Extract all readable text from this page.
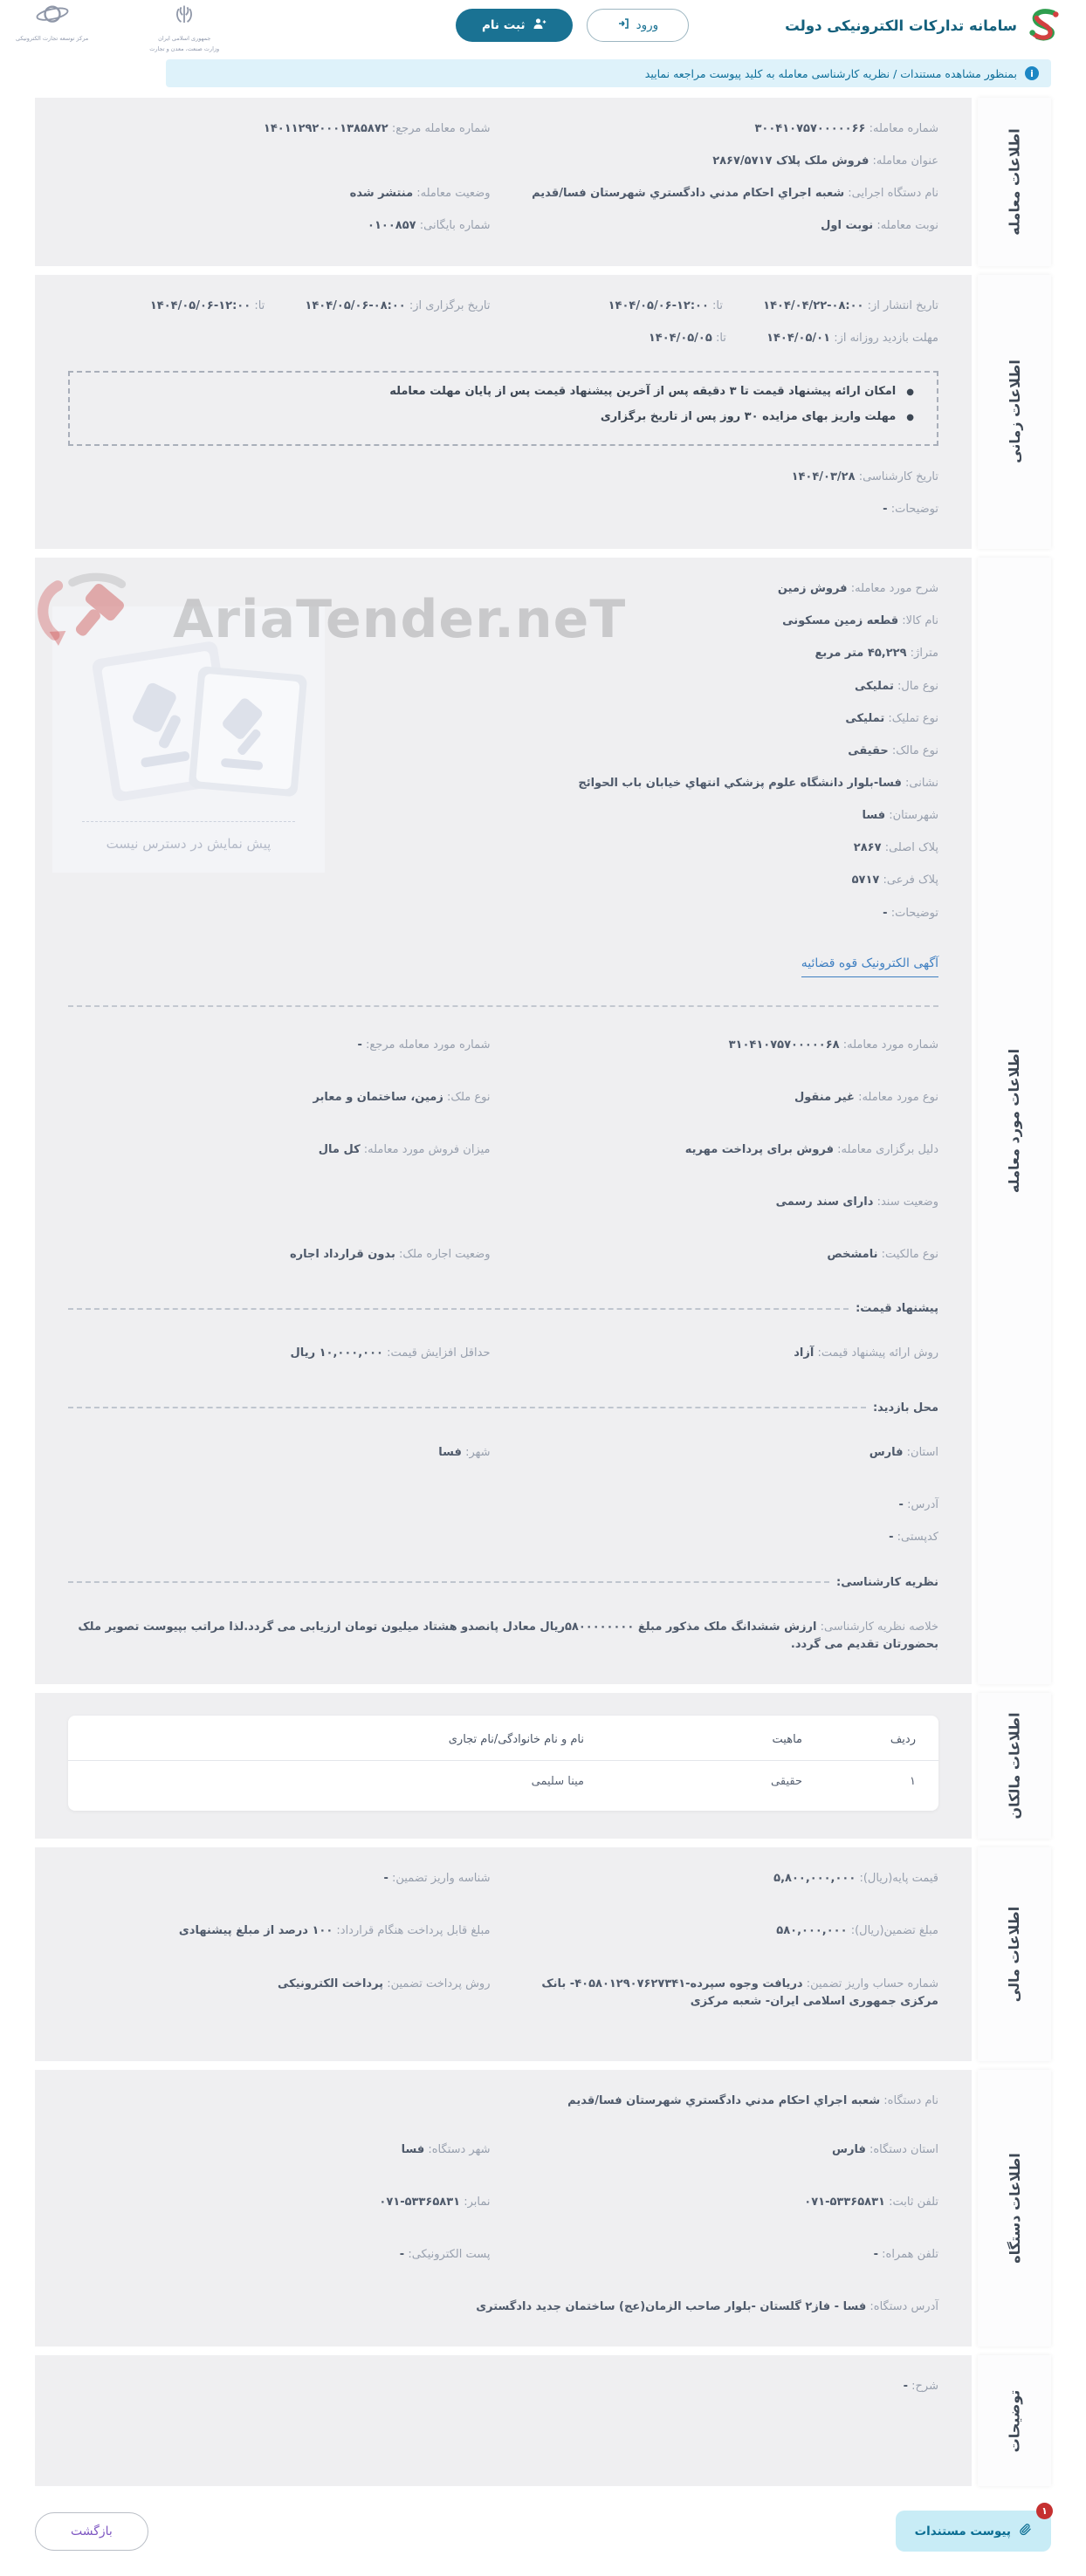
سامانه تدارکات الکترونیکی دولت
ورود
ثبت نام
جمهوری اسلامی ایران
وزارت صنعت، معدن و تجارت
مرکز توسعه تجارت الکترونیکی
i
بمنظور مشاهده مستندات / نظریه کارشناسی معامله به کلید پیوست مراجعه نمایید
اطلاعات معامله
شماره معامله: ۳۰۰۴۱۰۷۵۷۰۰۰۰۰۶۶
شماره معامله مرجع: ۱۴۰۱۱۲۹۲۰۰۰۱۳۸۵۸۷۲
عنوان معامله: فروش ملک پلاک ۲۸۶۷/۵۷۱۷
نام دستگاه اجرایی: شعبه اجراي احكام مدني دادگستري شهرستان فسا/قدیم
وضعیت معامله: منتشر شده
نوبت معامله: نوبت اول
شماره بایگانی: ۰۱۰۰۸۵۷
اطلاعات زمانی
تاریخ انتشار از: ۱۴۰۴/۰۴/۲۲-۰۸:۰۰ تا: ۱۴۰۴/۰۵/۰۶-۱۲:۰۰
تاریخ برگزاری از: ۱۴۰۴/۰۵/۰۶-۰۸:۰۰ تا: ۱۴۰۴/۰۵/۰۶-۱۲:۰۰
مهلت بازدید روزانه از: ۱۴۰۴/۰۵/۰۱ تا: ۱۴۰۴/۰۵/۰۵
●
امکان ارائه پیشنهاد قیمت تا ۳ دقیقه پس از آخرین پیشنهاد قیمت پس از پایان مهلت معامله
●
مهلت واریز بهای مزایده ۳۰ روز پس از تاریخ برگزاری
تاریخ کارشناسی: ۱۴۰۴/۰۳/۲۸
توضیحات: -
اطلاعات مورد معامله
AriaTender.neT
پیش نمایش در دسترس نیست
شرح مورد معامله: فروش زمین
نام کالا: قطعه زمین مسکونی
متراژ: ۴۵,۲۲۹ متر مربع
نوع مال: تملیکی
نوع تملیک: تملیکی
نوع مالک: حقیقی
نشانی: فسا-بلوار دانشگاه علوم پزشكي انتهاي خيابان باب الحوائج
شهرستان: فسا
پلاک اصلی: ۲۸۶۷
پلاک فرعی: ۵۷۱۷
توضیحات: -
آگهی الکترونیک قوه قضائیه
شماره مورد معامله: ۳۱۰۴۱۰۷۵۷۰۰۰۰۰۶۸
شماره مورد معامله مرجع: -
نوع مورد معامله: غیر منقول
نوع ملک: زمین، ساختمان و معابر
دلیل برگزاری معامله: فروش برای پرداخت مهریه
میزان فروش مورد معامله: کل مال
وضعیت سند: دارای سند رسمی
نوع مالکیت: نامشخص
وضعیت اجاره ملک: بدون قرارداد اجاره
پیشنهاد قیمت:
روش ارائه پیشنهاد قیمت: آزاد
حداقل افزایش قیمت: ۱۰,۰۰۰,۰۰۰ ریال
محل بازدید:
استان: فارس
شهر: فسا
آدرس: -
کدپستی: -
نظریه کارشناسی:
خلاصه نظریه کارشناسی: ارزش ششدانگ ملک مذکور مبلغ ۵۸۰۰۰۰۰۰۰۰ریال معادل پانصدو هشتاد میلیون تومان ارزیابی می گردد.لذا مراتب بپیوست تصویر ملک بحضورتان تقدیم می گردد.
اطلاعات مالکان
ردیف
ماهیت
نام و نام خانوادگی/نام تجاری
۱
حقیقی
مینا سلیمی
اطلاعات مالی
قیمت پایه(ریال): ۵,۸۰۰,۰۰۰,۰۰۰
شناسه واریز تضمین: -
مبلغ تضمین(ریال): ۵۸۰,۰۰۰,۰۰۰
مبلغ قابل پرداخت هنگام قرارداد: ۱۰۰ درصد از مبلغ پیشنهادی
شماره حساب واریز تضمین: دریافت وجوه سپرده-۴۰۵۸۰۱۲۹۰۷۶۲۷۳۴۱- بانک مرکزی جمهوری اسلامی ایران- شعبه مرکزی
روش پرداخت تضمین: پرداخت الکترونیکی
اطلاعات دستگاه
نام دستگاه: شعبه اجراي احكام مدني دادگستري شهرستان فسا/قدیم
استان دستگاه: فارس
شهر دستگاه: فسا
تلفن ثابت: ۰۷۱-۵۳۳۶۵۸۳۱
نمابر: ۰۷۱-۵۳۳۶۵۸۳۱
تلفن همراه: -
پست الکترونیکی: -
آدرس دستگاه: فسا - فاز۲ گلستان -بلوار صاحب الزمان(عج) ساختمان جدید دادگستری
توضیحات
شرح: -
۱
پیوست مستندات
بازگشت
